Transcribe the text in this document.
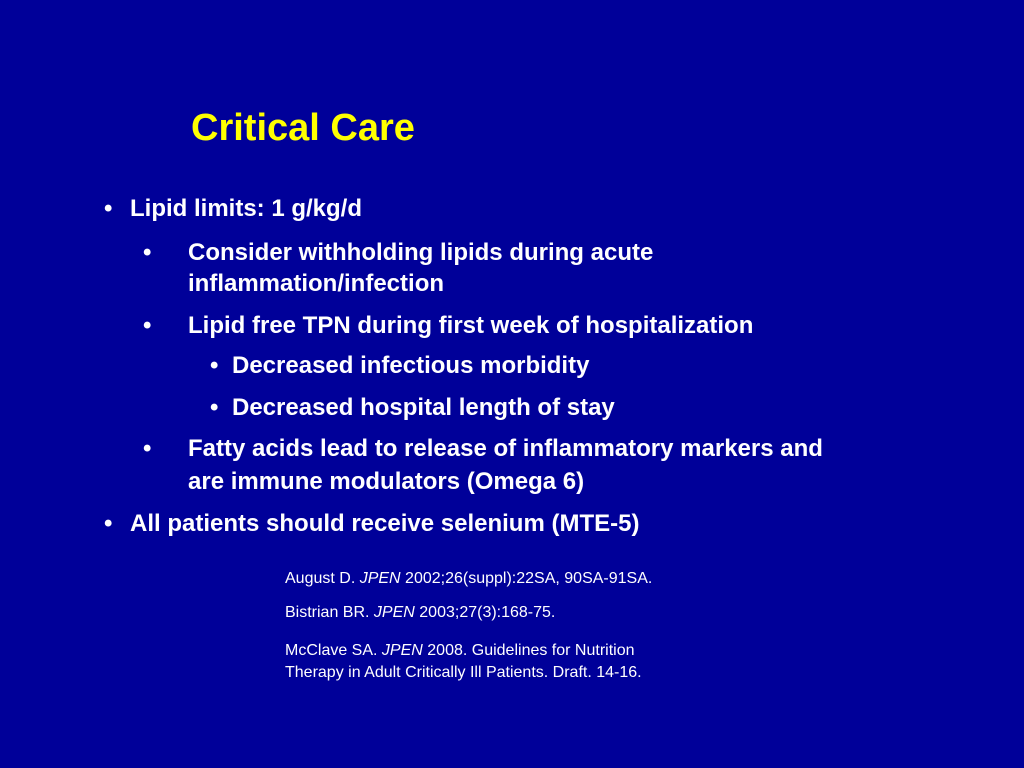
Critical Care
• Lipid limits: 1 g/kg/d
• Consider withholding lipids during acute
inflammation/infection
• Lipid free TPN during first week of hospitalization
• Decreased infectious morbidity
• Decreased hospital length of stay
• Fatty acids lead to release of inflammatory markers and
are immune modulators (Omega 6)
• All patients should receive selenium (MTE-5)
August D. JPEN 2002;26(suppl):22SA, 90SA-91SA.
Bistrian BR. JPEN 2003;27(3):168-75.
McClave SA. JPEN 2008. Guidelines for Nutrition
Therapy in Adult Critically Ill Patients. Draft. 14-16.
